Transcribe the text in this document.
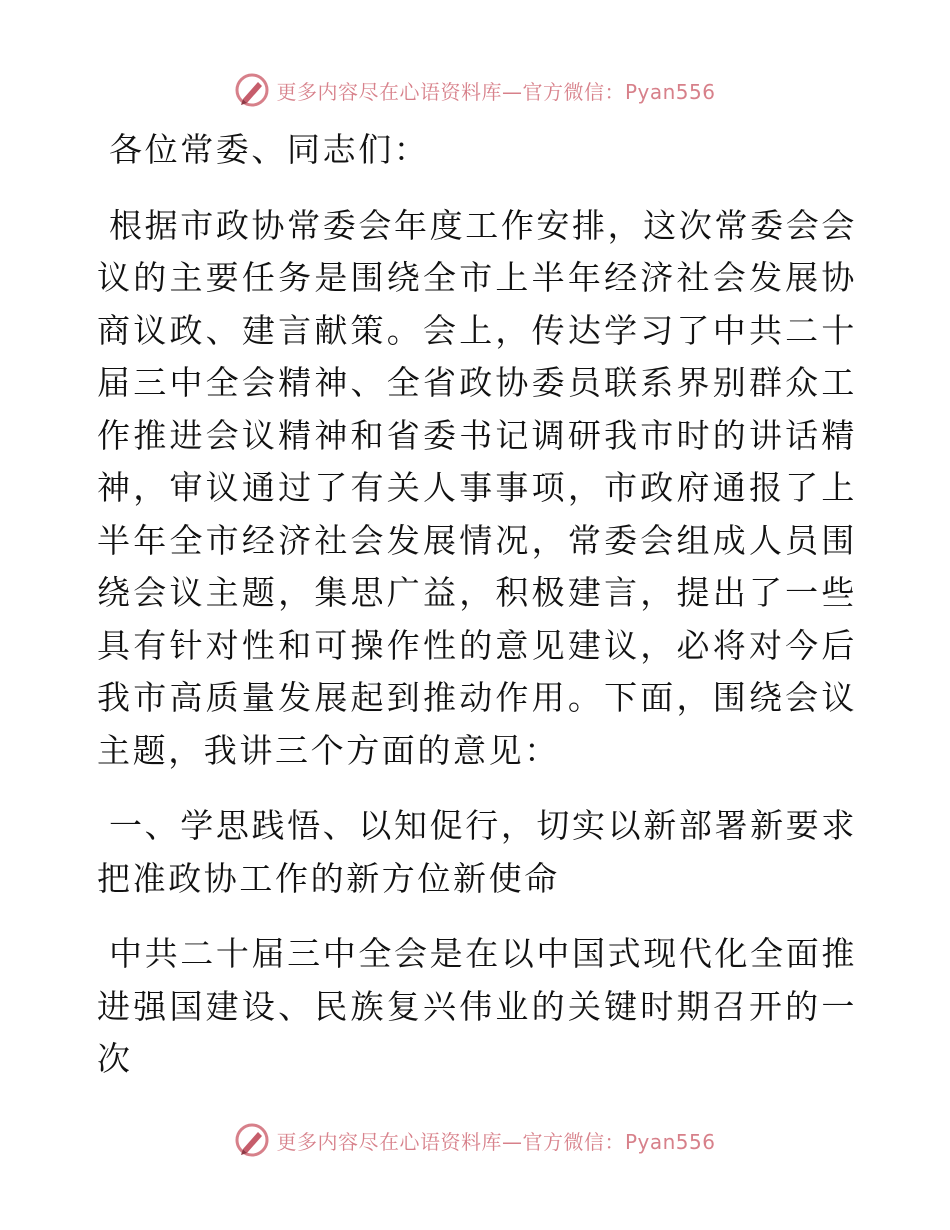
更多内容尽在心语资料库—官方微信：Pyan556

各位常委、同志们：

根据市政协常委会年度工作安排，这次常委会会议的主要任务是围绕全市上半年经济社会发展协商议政、建言献策。会上，传达学习了中共二十届三中全会精神、全省政协委员联系界别群众工作推进会议精神和省委书记调研我市时的讲话精神，审议通过了有关人事事项，市政府通报了上半年全市经济社会发展情况，常委会组成人员围绕会议主题，集思广益，积极建言，提出了一些具有针对性和可操作性的意见建议，必将对今后我市高质量发展起到推动作用。下面，围绕会议主题，我讲三个方面的意见：

一、学思践悟、以知促行，切实以新部署新要求把准政协工作的新方位新使命

中共二十届三中全会是在以中国式现代化全面推进强国建设、民族复兴伟业的关键时期召开的一次

更多内容尽在心语资料库—官方微信：Pyan556
